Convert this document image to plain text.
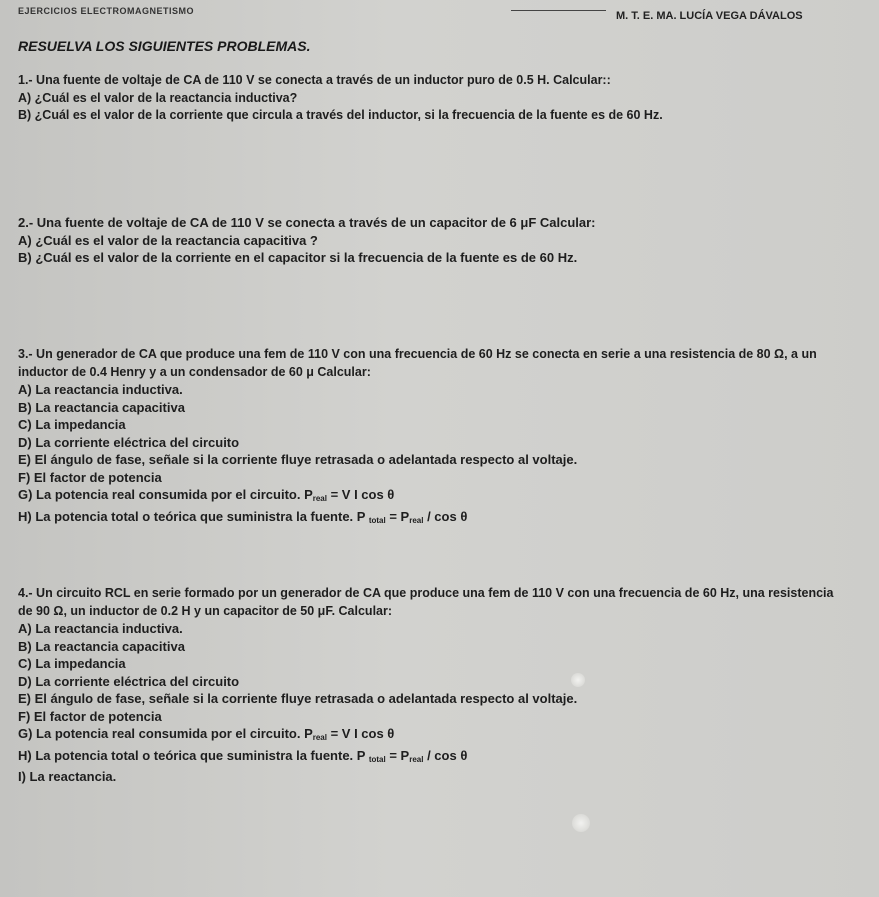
EJERCICIOS ELECTROMAGNETISMO	M. T. E. MA. LUCÍA VEGA DÁVALOS
RESUELVA LOS SIGUIENTES PROBLEMAS.
1.- Una fuente de voltaje de CA de 110 V se conecta a través de un inductor puro de 0.5 H. Calcular::
A) ¿Cuál es el valor de la reactancia inductiva?
B) ¿Cuál es el valor de la corriente que circula a través del inductor, si la frecuencia de la fuente es de 60 Hz.
2.- Una fuente de voltaje de CA de 110 V se conecta a través de un capacitor de 6 μF Calcular:
A) ¿Cuál es el valor de la reactancia capacitiva ?
B) ¿Cuál es el valor de la corriente en el capacitor si la frecuencia de la fuente es de 60 Hz.
3.- Un generador de CA que produce una fem de 110 V con una frecuencia de 60 Hz se conecta en serie a una resistencia de 80 Ω, a un
inductor de 0.4 Henry y a un condensador de 60 μ Calcular:
A) La reactancia inductiva.
B) La reactancia capacitiva
C) La impedancia
D) La corriente eléctrica del circuito
E) El ángulo de fase, señale si la corriente fluye retrasada o adelantada respecto al voltaje.
F) El factor de potencia
G) La potencia real consumida por el circuito. $P_{real} = V$ I cos θ
H) La potencia total o teórica que suministra la fuente. P $_{total} = P_{real} / \cos \theta$
4.- Un circuito RCL en serie formado por un generador de CA que produce una fem de 110 V con una frecuencia de 60 Hz, una resistencia
de 90 Ω, un inductor de 0.2 H y un capacitor de 50 μF. Calcular:
A) La reactancia inductiva.
B) La reactancia capacitiva
C) La impedancia
D) La corriente eléctrica del circuito
E) El ángulo de fase, señale si la corriente fluye retrasada o adelantada respecto al voltaje.
F) El factor de potencia
G) La potencia real consumida por el circuito. $P_{real} = V$ I cos θ
H) La potencia total o teórica que suministra la fuente. P $_{total} = P_{real} / \cos \theta$
I) La reactancia.
